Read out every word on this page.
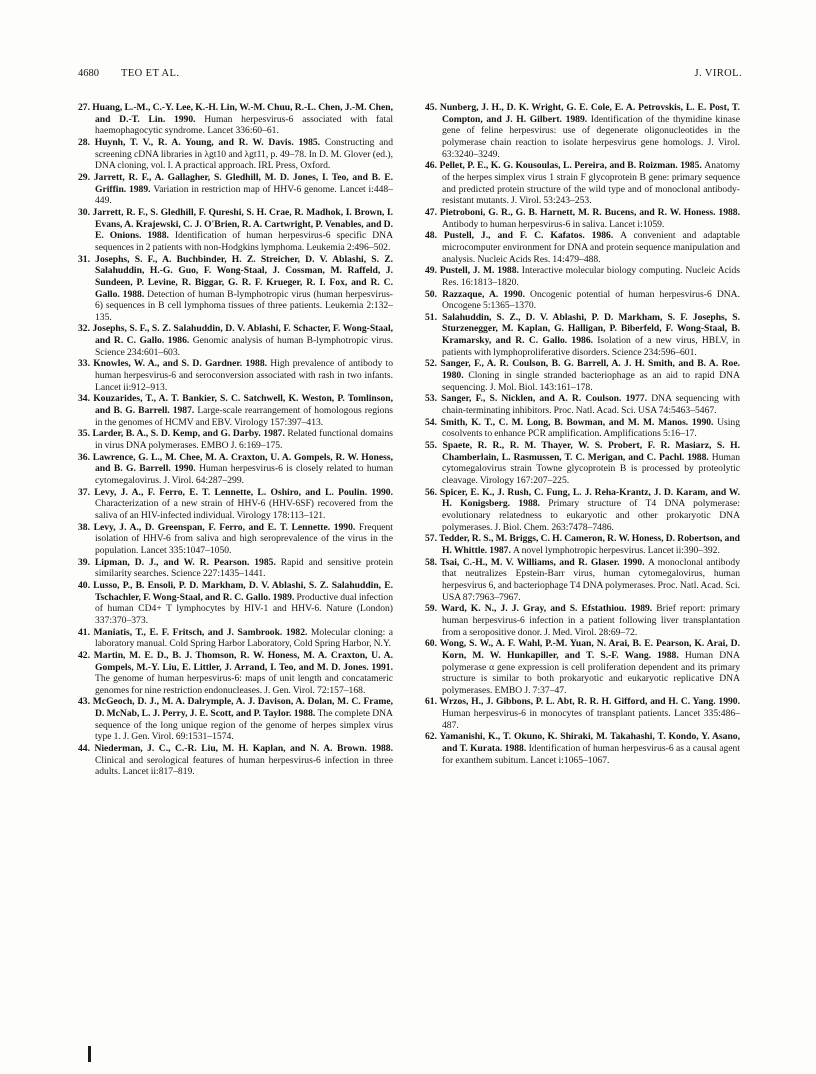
4680 TEO ET AL.	J. VIROL.

27. Huang, L.-M., C.-Y. Lee, K.-H. Lin, W.-M. Chuu, R.-L. Chen, J.-M. Chen, and D.-T. Lin. 1990. Human herpesvirus-6 associated with fatal haemophagocytic syndrome. Lancet 336:60–61.

28. Huynh, T. V., R. A. Young, and R. W. Davis. 1985. Constructing and screening cDNA libraries in λgt10 and λgt11, p. 49–78. In D. M. Glover (ed.), DNA cloning, vol. I. A practical approach. IRL Press, Oxford.

29. Jarrett, R. F., A. Gallagher, S. Gledhill, M. D. Jones, I. Teo, and B. E. Griffin. 1989. Variation in restriction map of HHV-6 genome. Lancet i:448–449.

30. Jarrett, R. F., S. Gledhill, F. Qureshi, S. H. Crae, R. Madhok, I. Brown, I. Evans, A. Krajewski, C. J. O'Brien, R. A. Cartwright, P. Venables, and D. E. Onions. 1988. Identification of human herpesvirus-6 specific DNA sequences in 2 patients with non-Hodgkins lymphoma. Leukemia 2:496–502.

31. Josephs, S. F., A. Buchbinder, H. Z. Streicher, D. V. Ablashi, S. Z. Salahuddin, H.-G. Guo, F. Wong-Staal, J. Cossman, M. Raffeld, J. Sundeen, P. Levine, R. Biggar, G. R. F. Krueger, R. I. Fox, and R. C. Gallo. 1988. Detection of human B-lymphotropic virus (human herpesvirus-6) sequences in B cell lymphoma tissues of three patients. Leukemia 2:132–135.

32. Josephs, S. F., S. Z. Salahuddin, D. V. Ablashi, F. Schacter, F. Wong-Staal, and R. C. Gallo. 1986. Genomic analysis of human B-lymphotropic virus. Science 234:601–603.

33. Knowles, W. A., and S. D. Gardner. 1988. High prevalence of antibody to human herpesvirus-6 and seroconversion associated with rash in two infants. Lancet ii:912–913.

34. Kouzarides, T., A. T. Bankier, S. C. Satchwell, K. Weston, P. Tomlinson, and B. G. Barrell. 1987. Large-scale rearrangement of homologous regions in the genomes of HCMV and EBV. Virology 157:397–413.

35. Larder, B. A., S. D. Kemp, and G. Darby. 1987. Related functional domains in virus DNA polymerases. EMBO J. 6:169–175.

36. Lawrence, G. L., M. Chee, M. A. Craxton, U. A. Gompels, R. W. Honess, and B. G. Barrell. 1990. Human herpesvirus-6 is closely related to human cytomegalovirus. J. Virol. 64:287–299.

37. Levy, J. A., F. Ferro, E. T. Lennette, L. Oshiro, and L. Poulin. 1990. Characterization of a new strain of HHV-6 (HHV-6SF) recovered from the saliva of an HIV-infected individual. Virology 178:113–121.

38. Levy, J. A., D. Greenspan, F. Ferro, and E. T. Lennette. 1990. Frequent isolation of HHV-6 from saliva and high seroprevalence of the virus in the population. Lancet 335:1047–1050.

39. Lipman, D. J., and W. R. Pearson. 1985. Rapid and sensitive protein similarity searches. Science 227:1435–1441.

40. Lusso, P., B. Ensoli, P. D. Markham, D. V. Ablashi, S. Z. Salahuddin, E. Tschachler, F. Wong-Staal, and R. C. Gallo. 1989. Productive dual infection of human CD4+ T lymphocytes by HIV-1 and HHV-6. Nature (London) 337:370–373.

41. Maniatis, T., E. F. Fritsch, and J. Sambrook. 1982. Molecular cloning: a laboratory manual. Cold Spring Harbor Laboratory, Cold Spring Harbor, N.Y.

42. Martin, M. E. D., B. J. Thomson, R. W. Honess, M. A. Craxton, U. A. Gompels, M.-Y. Liu, E. Littler, J. Arrand, I. Teo, and M. D. Jones. 1991. The genome of human herpesvirus-6: maps of unit length and concatameric genomes for nine restriction endonucleases. J. Gen. Virol. 72:157–168.

43. McGeoch, D. J., M. A. Dalrymple, A. J. Davison, A. Dolan, M. C. Frame, D. McNab, L. J. Perry, J. E. Scott, and P. Taylor. 1988. The complete DNA sequence of the long unique region of the genome of herpes simplex virus type 1. J. Gen. Virol. 69:1531–1574.

44. Niederman, J. C., C.-R. Liu, M. H. Kaplan, and N. A. Brown. 1988. Clinical and serological features of human herpesvirus-6 infection in three adults. Lancet ii:817–819.

45. Nunberg, J. H., D. K. Wright, G. E. Cole, E. A. Petrovskis, L. E. Post, T. Compton, and J. H. Gilbert. 1989. Identification of the thymidine kinase gene of feline herpesvirus: use of degenerate oligonucleotides in the polymerase chain reaction to isolate herpesvirus gene homologs. J. Virol. 63:3240–3249.

46. Pellet, P. E., K. G. Kousoulas, L. Pereira, and B. Roizman. 1985. Anatomy of the herpes simplex virus 1 strain F glycoprotein B gene: primary sequence and predicted protein structure of the wild type and of monoclonal antibody-resistant mutants. J. Virol. 53:243–253.

47. Pietroboni, G. R., G. B. Harnett, M. R. Bucens, and R. W. Honess. 1988. Antibody to human herpesvirus-6 in saliva. Lancet i:1059.

48. Pustell, J., and F. C. Kafatos. 1986. A convenient and adaptable microcomputer environment for DNA and protein sequence manipulation and analysis. Nucleic Acids Res. 14:479–488.

49. Pustell, J. M. 1988. Interactive molecular biology computing. Nucleic Acids Res. 16:1813–1820.

50. Razzaque, A. 1990. Oncogenic potential of human herpesvirus-6 DNA. Oncogene 5:1365–1370.

51. Salahuddin, S. Z., D. V. Ablashi, P. D. Markham, S. F. Josephs, S. Sturzenegger, M. Kaplan, G. Halligan, P. Biberfeld, F. Wong-Staal, B. Kramarsky, and R. C. Gallo. 1986. Isolation of a new virus, HBLV, in patients with lymphoproliferative disorders. Science 234:596–601.

52. Sanger, F., A. R. Coulson, B. G. Barrell, A. J. H. Smith, and B. A. Roe. 1980. Cloning in single stranded bacteriophage as an aid to rapid DNA sequencing. J. Mol. Biol. 143:161–178.

53. Sanger, F., S. Nicklen, and A. R. Coulson. 1977. DNA sequencing with chain-terminating inhibitors. Proc. Natl. Acad. Sci. USA 74:5463–5467.

54. Smith, K. T., C. M. Long, B. Bowman, and M. M. Manos. 1990. Using cosolvents to enhance PCR amplification. Amplifications 5:16–17.

55. Spaete, R. R., R. M. Thayer, W. S. Probert, F. R. Masiarz, S. H. Chamberlain, L. Rasmussen, T. C. Merigan, and C. Pachl. 1988. Human cytomegalovirus strain Towne glycoprotein B is processed by proteolytic cleavage. Virology 167:207–225.

56. Spicer, E. K., J. Rush, C. Fung, L. J. Reha-Krantz, J. D. Karam, and W. H. Konigsberg. 1988. Primary structure of T4 DNA polymerase: evolutionary relatedness to eukaryotic and other prokaryotic DNA polymerases. J. Biol. Chem. 263:7478–7486.

57. Tedder, R. S., M. Briggs, C. H. Cameron, R. W. Honess, D. Robertson, and H. Whittle. 1987. A novel lymphotropic herpesvirus. Lancet ii:390–392.

58. Tsai, C.-H., M. V. Williams, and R. Glaser. 1990. A monoclonal antibody that neutralizes Epstein-Barr virus, human cytomegalovirus, human herpesvirus 6, and bacteriophage T4 DNA polymerases. Proc. Natl. Acad. Sci. USA 87:7963–7967.

59. Ward, K. N., J. J. Gray, and S. Efstathiou. 1989. Brief report: primary human herpesvirus-6 infection in a patient following liver transplantation from a seropositive donor. J. Med. Virol. 28:69–72.

60. Wong, S. W., A. F. Wahl, P.-M. Yuan, N. Arai, B. E. Pearson, K. Arai, D. Korn, M. W. Hunkapiller, and T. S.-F. Wang. 1988. Human DNA polymerase α gene expression is cell proliferation dependent and its primary structure is similar to both prokaryotic and eukaryotic replicative DNA polymerases. EMBO J. 7:37–47.

61. Wrzos, H., J. Gibbons, P. L. Abt, R. R. H. Gifford, and H. C. Yang. 1990. Human herpesvirus-6 in monocytes of transplant patients. Lancet 335:486–487.

62. Yamanishi, K., T. Okuno, K. Shiraki, M. Takahashi, T. Kondo, Y. Asano, and T. Kurata. 1988. Identification of human herpesvirus-6 as a causal agent for exanthem subitum. Lancet i:1065–1067.
